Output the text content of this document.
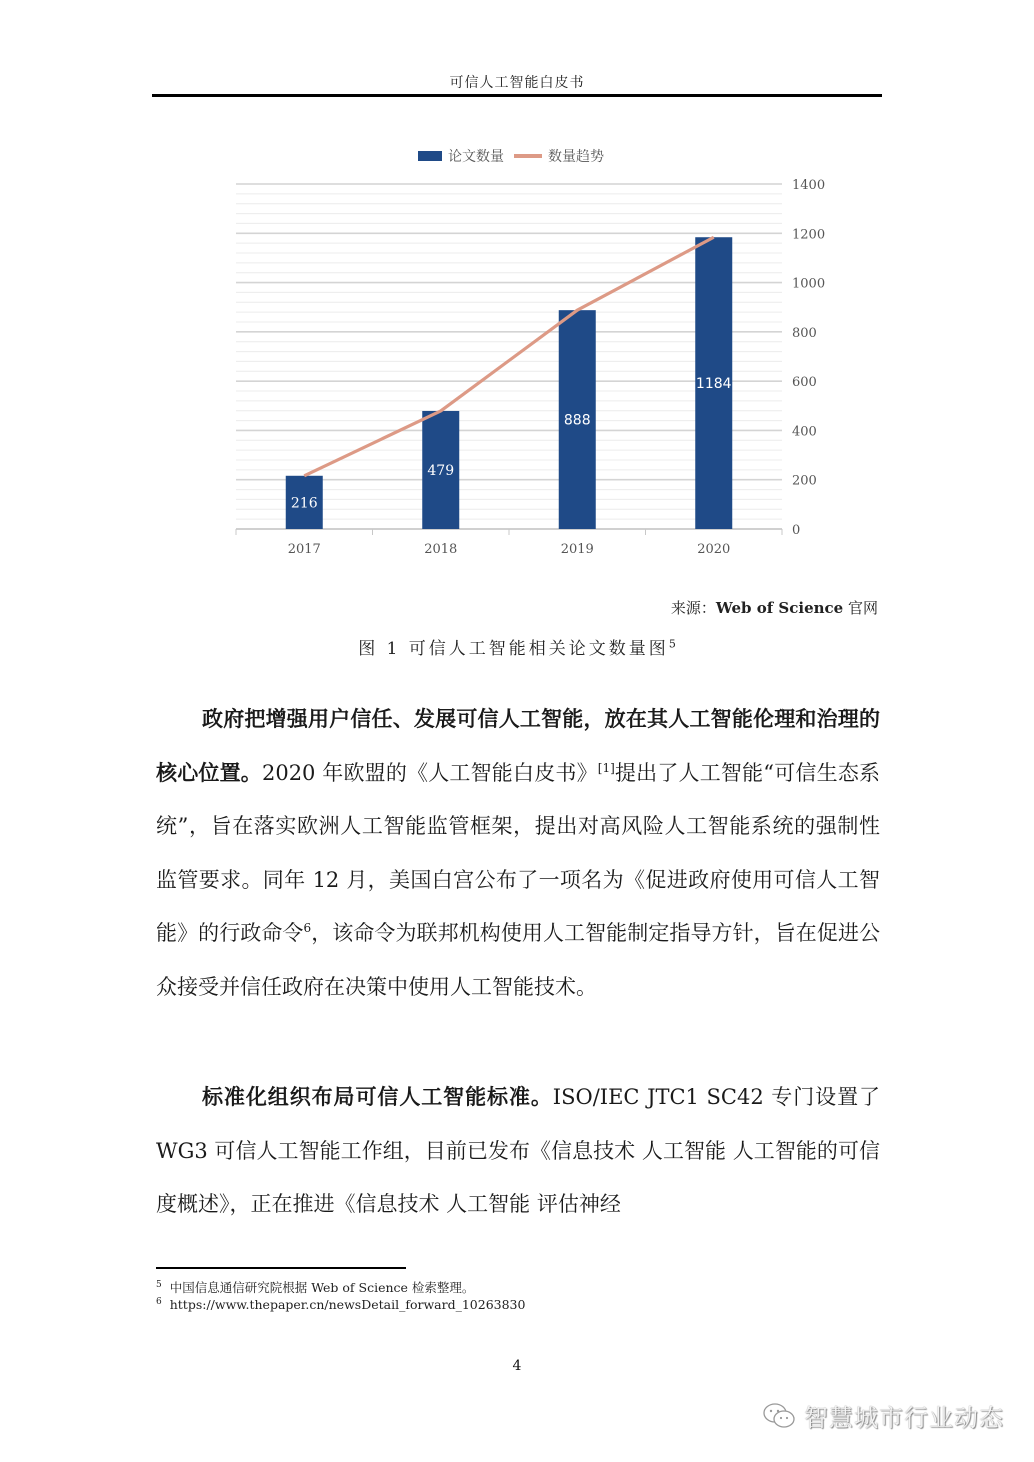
可信人工智能白皮书
论文数量	数量趋势
216
479
888
1184
0
200
400
600
800
1000
1200
1400
2017	2018	2019	2020
来源：Web of Science 官网
图 1 可信人工智能相关论文数量图$^5$
政府把增强用户信任、发展可信人工智能，放在其人工智能伦理和治理的核心位置。2020 年欧盟的《人工智能白皮书》[1]提出了人工智能“可信生态系统”，旨在落实欧洲人工智能监管框架，提出对高风险人工智能系统的强制性监管要求。同年 12 月，美国白宫公布了一项名为《促进政府使用可信人工智能》的行政命令$^6$，该命令为联邦机构使用人工智能制定指导方针，旨在促进公众接受并信任政府在决策中使用人工智能技术。
标准化组织布局可信人工智能标准。ISO/IEC JTC1 SC42 专门设置了 WG3 可信人工智能工作组，目前已发布《信息技术 人工智能 人工智能的可信度概述》，正在推进《信息技术 人工智能 评估神经
$^5$ 中国信息通信研究院根据 Web of Science 检索整理。
$^6$ https://www.thepaper.cn/newsDetail_forward_10263830
4
智慧城市行业动态
